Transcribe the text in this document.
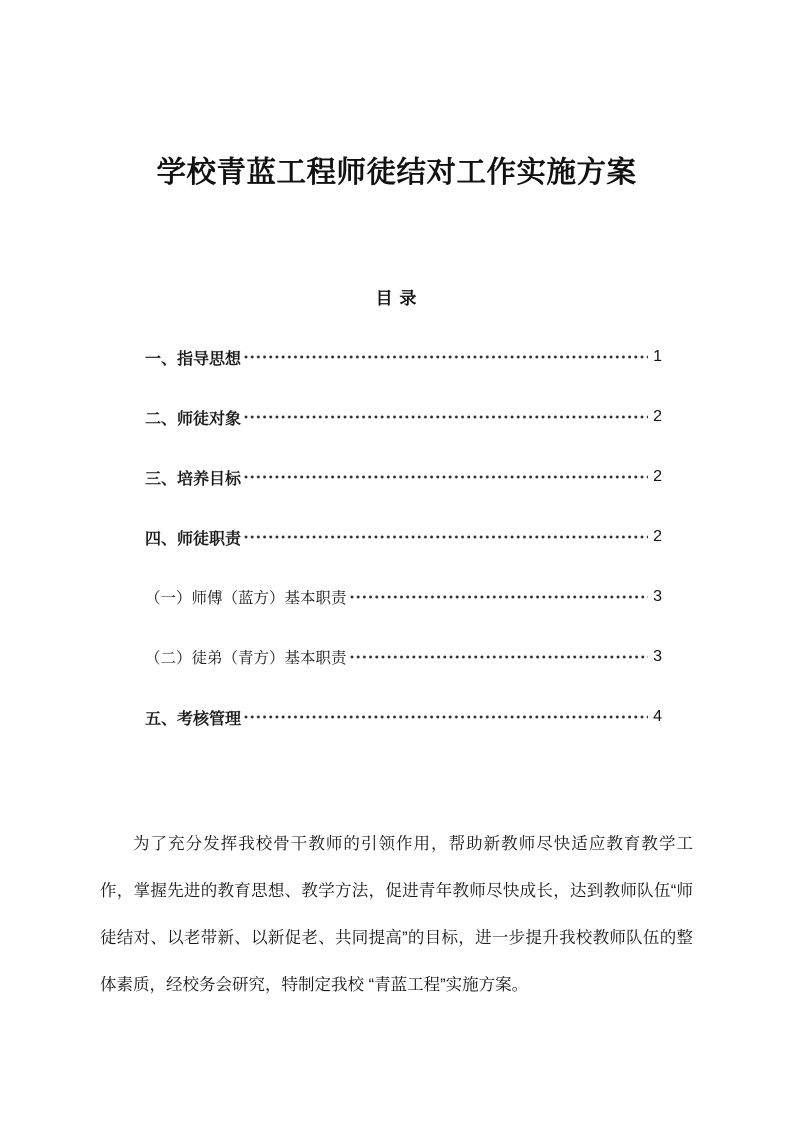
学校青蓝工程师徒结对工作实施方案
目 录
一、指导思想	1
二、师徒对象	2
三、培养目标	2
四、师徒职责	2
（一）师傅（蓝方）基本职责	3
（二）徒弟（青方）基本职责	3
五、考核管理	4

为了充分发挥我校骨干教师的引领作用，帮助新教师尽快适应教育教学工作，掌握先进的教育思想、教学方法，促进青年教师尽快成长，达到教师队伍“师徒结对、以老带新、以新促老、共同提高”的目标，进一步提升我校教师队伍的整体素质，经校务会研究，特制定我校 “青蓝工程”实施方案。
